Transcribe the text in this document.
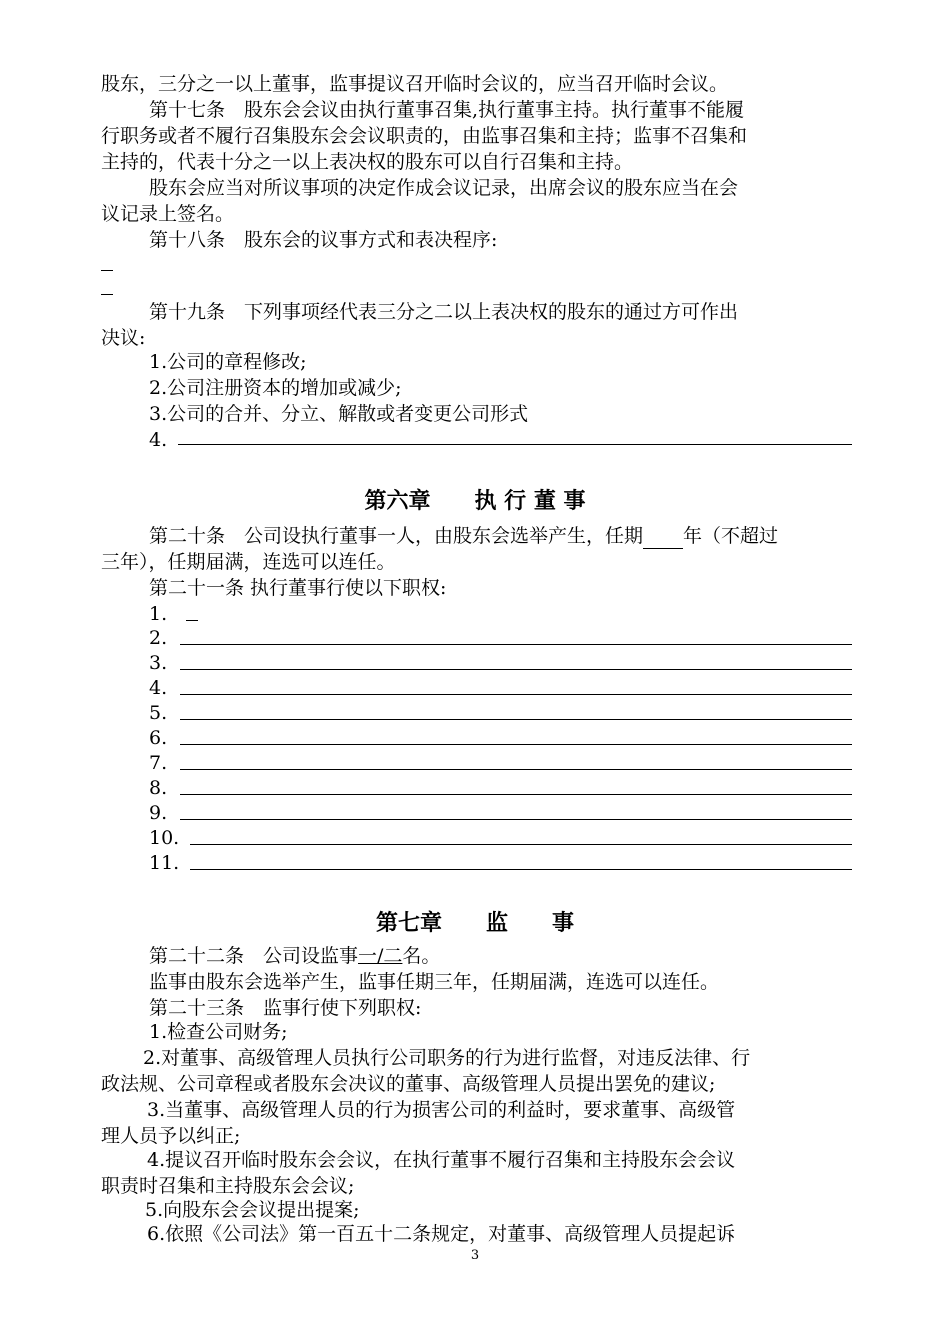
股东，三分之一以上董事，监事提议召开临时会议的，应当召开临时会议。
第十七条　股东会会议由执行董事召集,执行董事主持。执行董事不能履
行职务或者不履行召集股东会会议职责的，由监事召集和主持；监事不召集和
主持的，代表十分之一以上表决权的股东可以自行召集和主持。
股东会应当对所议事项的决定作成会议记录，出席会议的股东应当在会
议记录上签名。
第十八条　股东会的议事方式和表决程序:
第十九条　下列事项经代表三分之二以上表决权的股东的通过方可作出
决议:
1.公司的章程修改;
2.公司注册资本的增加或减少;
3.公司的合并、分立、解散或者变更公司形式
4.
第六章　　执 行 董 事
第二十条　公司设执行董事一人，由股东会选举产生，任期 年（不超过
三年），任期届满，连选可以连任。
第二十一条 执行董事行使以下职权:
1.
2.
3.
4.
5.
6.
7.
8.
9.
10.
11.
第七章　　监　　事
第二十二条　公司设监事一/二名。
监事由股东会选举产生，监事任期三年，任期届满，连选可以连任。
第二十三条　监事行使下列职权:
1.检查公司财务;
2.对董事、高级管理人员执行公司职务的行为进行监督，对违反法律、行
政法规、公司章程或者股东会决议的董事、高级管理人员提出罢免的建议;
3.当董事、高级管理人员的行为损害公司的利益时，要求董事、高级管
理人员予以纠正;
4.提议召开临时股东会会议，在执行董事不履行召集和主持股东会会议
职责时召集和主持股东会会议;
5.向股东会会议提出提案;
6.依照《公司法》第一百五十二条规定，对董事、高级管理人员提起诉
3
